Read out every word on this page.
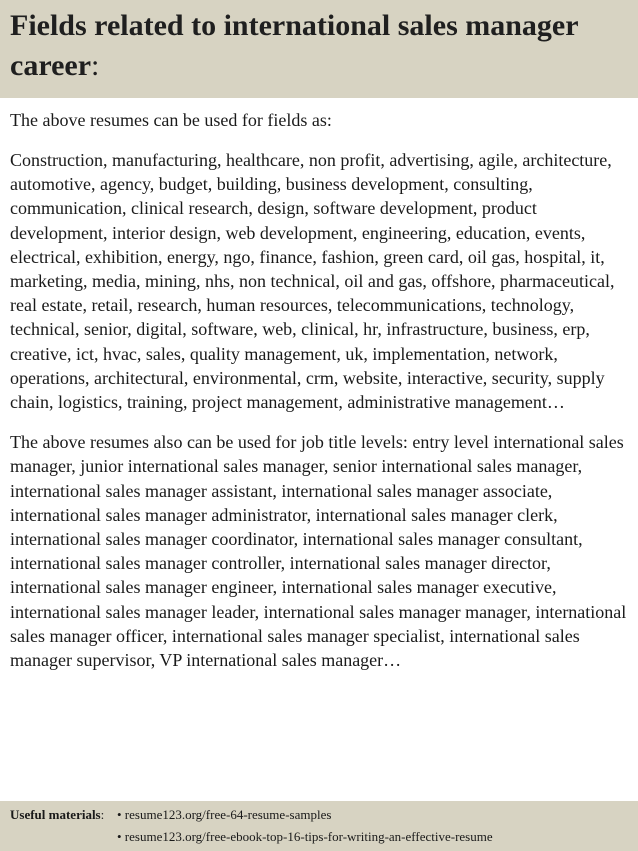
Fields related to international sales manager career:

The above resumes can be used for fields as:

Construction, manufacturing, healthcare, non profit, advertising, agile, architecture, automotive, agency, budget, building, business development, consulting, communication, clinical research, design, software development, product development, interior design, web development, engineering, education, events, electrical, exhibition, energy, ngo, finance, fashion, green card, oil gas, hospital, it, marketing, media, mining, nhs, non technical, oil and gas, offshore, pharmaceutical, real estate, retail, research, human resources, telecommunications, technology, technical, senior, digital, software, web, clinical, hr, infrastructure, business, erp, creative, ict, hvac, sales, quality management, uk, implementation, network, operations, architectural, environmental, crm, website, interactive, security, supply chain, logistics, training, project management, administrative management…

The above resumes also can be used for job title levels: entry level international sales manager, junior international sales manager, senior international sales manager, international sales manager assistant, international sales manager associate, international sales manager administrator, international sales manager clerk, international sales manager coordinator, international sales manager consultant, international sales manager controller, international sales manager director, international sales manager engineer, international sales manager executive, international sales manager leader, international sales manager manager, international sales manager officer, international sales manager specialist, international sales manager supervisor, VP international sales manager…

Useful materials: • resume123.org/free-64-resume-samples
• resume123.org/free-ebook-top-16-tips-for-writing-an-effective-resume
